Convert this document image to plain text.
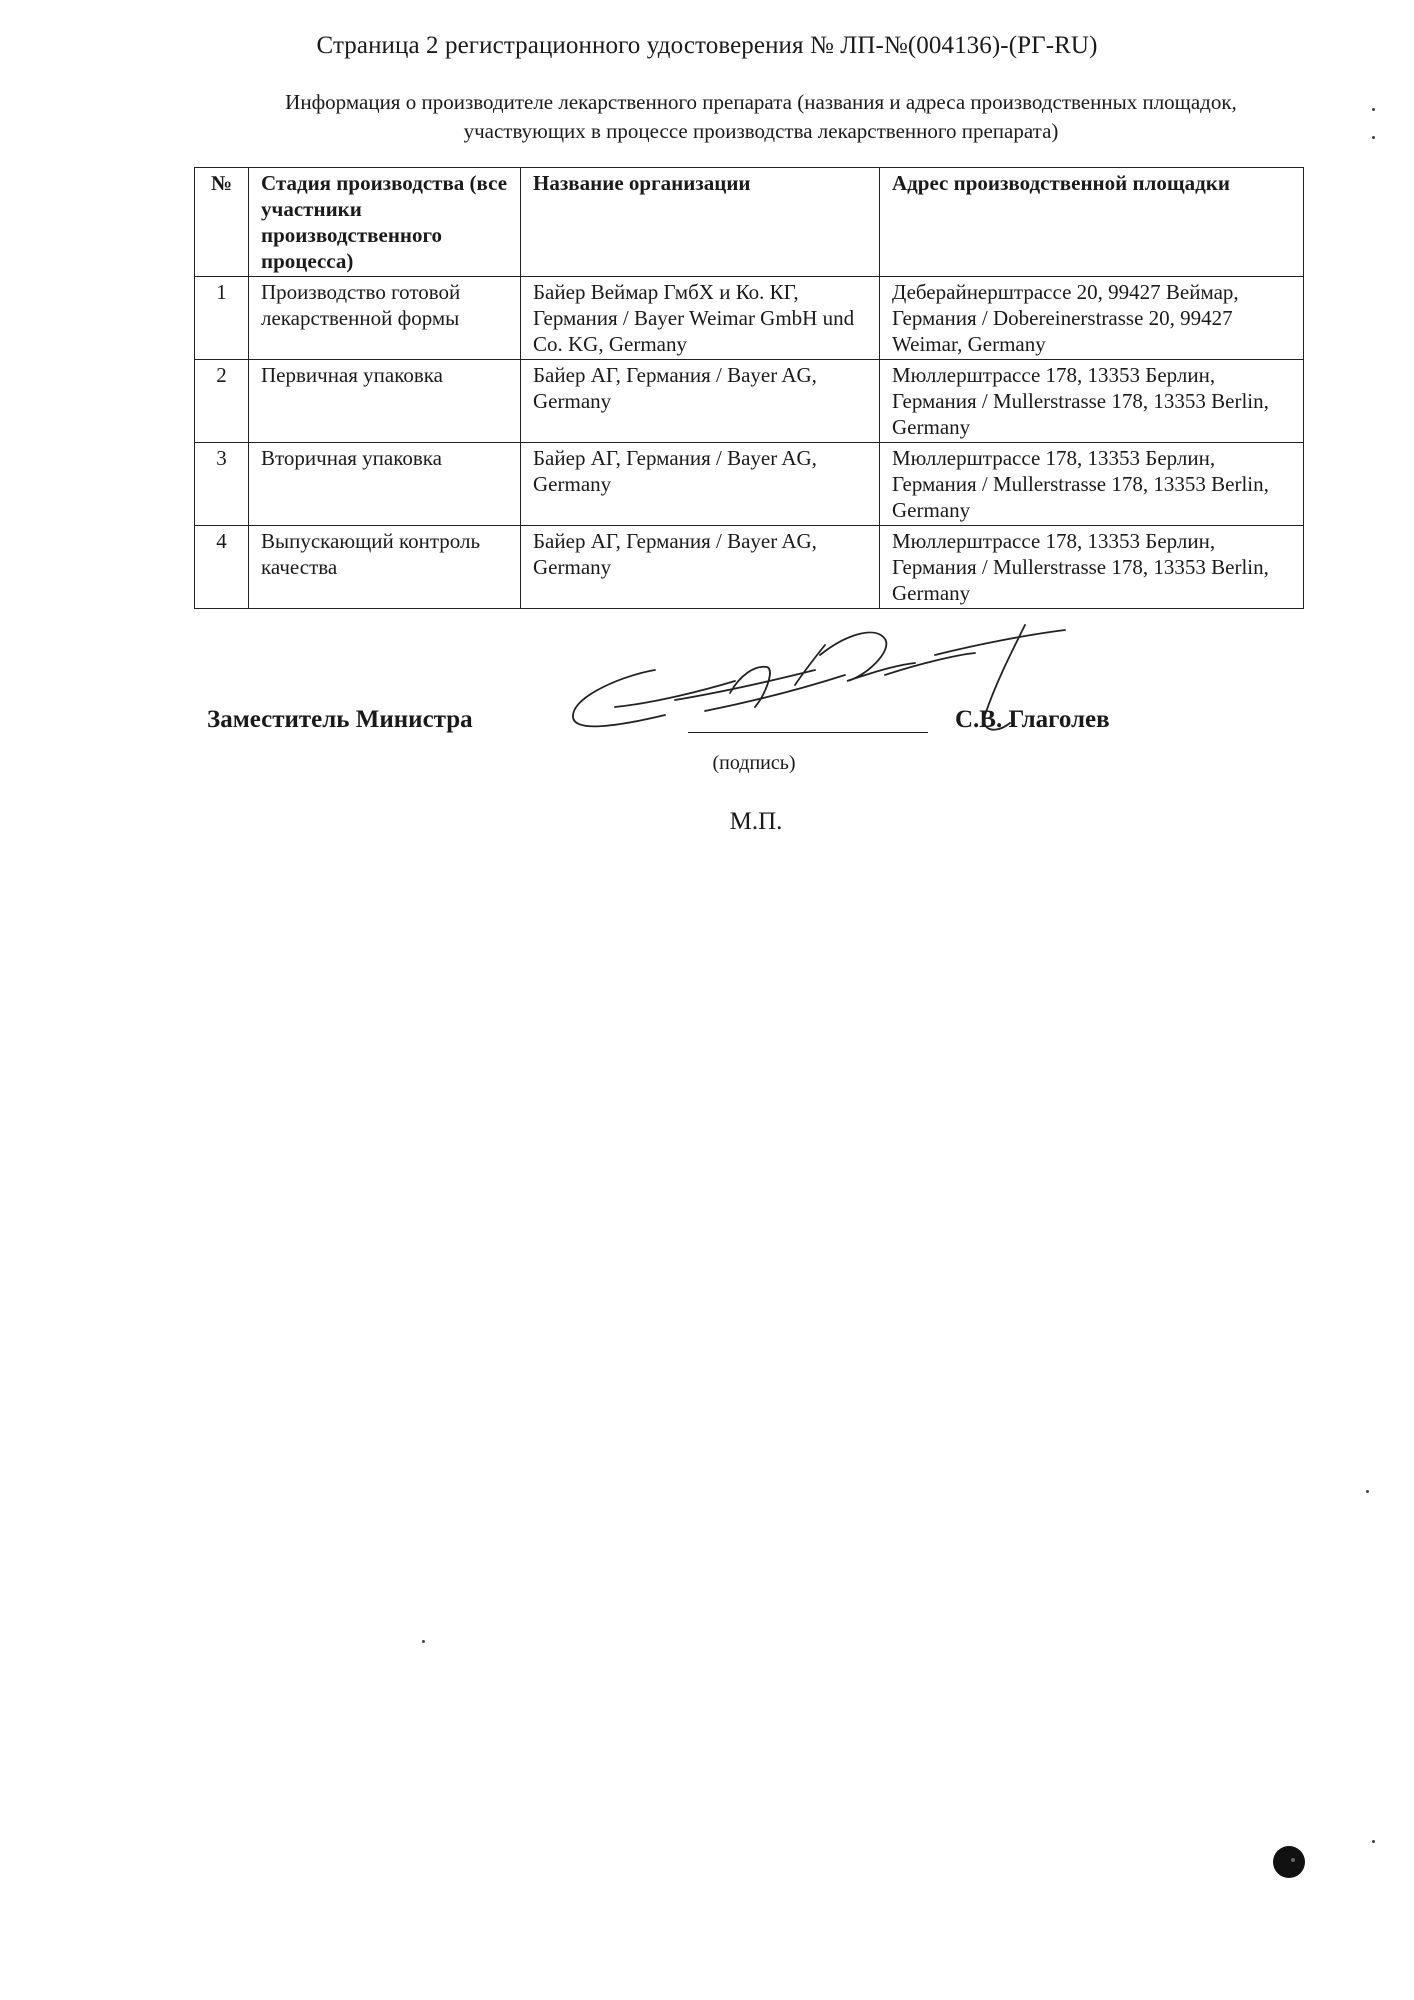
Страница 2 регистрационного удостоверения № ЛП-№(004136)-(РГ-RU)
Информация о производителе лекарственного препарата (названия и адреса производственных площадок,
участвующих в процессе производства лекарственного препарата)
№	Стадия производства (все участники производственного процесса)	Название организации	Адрес производственной площадки
1	Производство готовой лекарственной формы	Байер Веймар ГмбХ и Ко. КГ, Германия / Bayer Weimar GmbH und Co. KG, Germany	Деберайнерштрассе 20, 99427 Веймар, Германия / Dobereinerstrasse 20, 99427 Weimar, Germany
2	Первичная упаковка	Байер АГ, Германия / Bayer AG, Germany	Мюллерштрассе 178, 13353 Берлин, Германия / Mullerstrasse 178, 13353 Berlin, Germany
3	Вторичная упаковка	Байер АГ, Германия / Bayer AG, Germany	Мюллерштрассе 178, 13353 Берлин, Германия / Mullerstrasse 178, 13353 Berlin, Germany
4	Выпускающий контроль качества	Байер АГ, Германия / Bayer AG, Germany	Мюллерштрассе 178, 13353 Берлин, Германия / Mullerstrasse 178, 13353 Berlin, Germany
Заместитель Министра	С.В. Глаголев
(подпись)
М.П.
